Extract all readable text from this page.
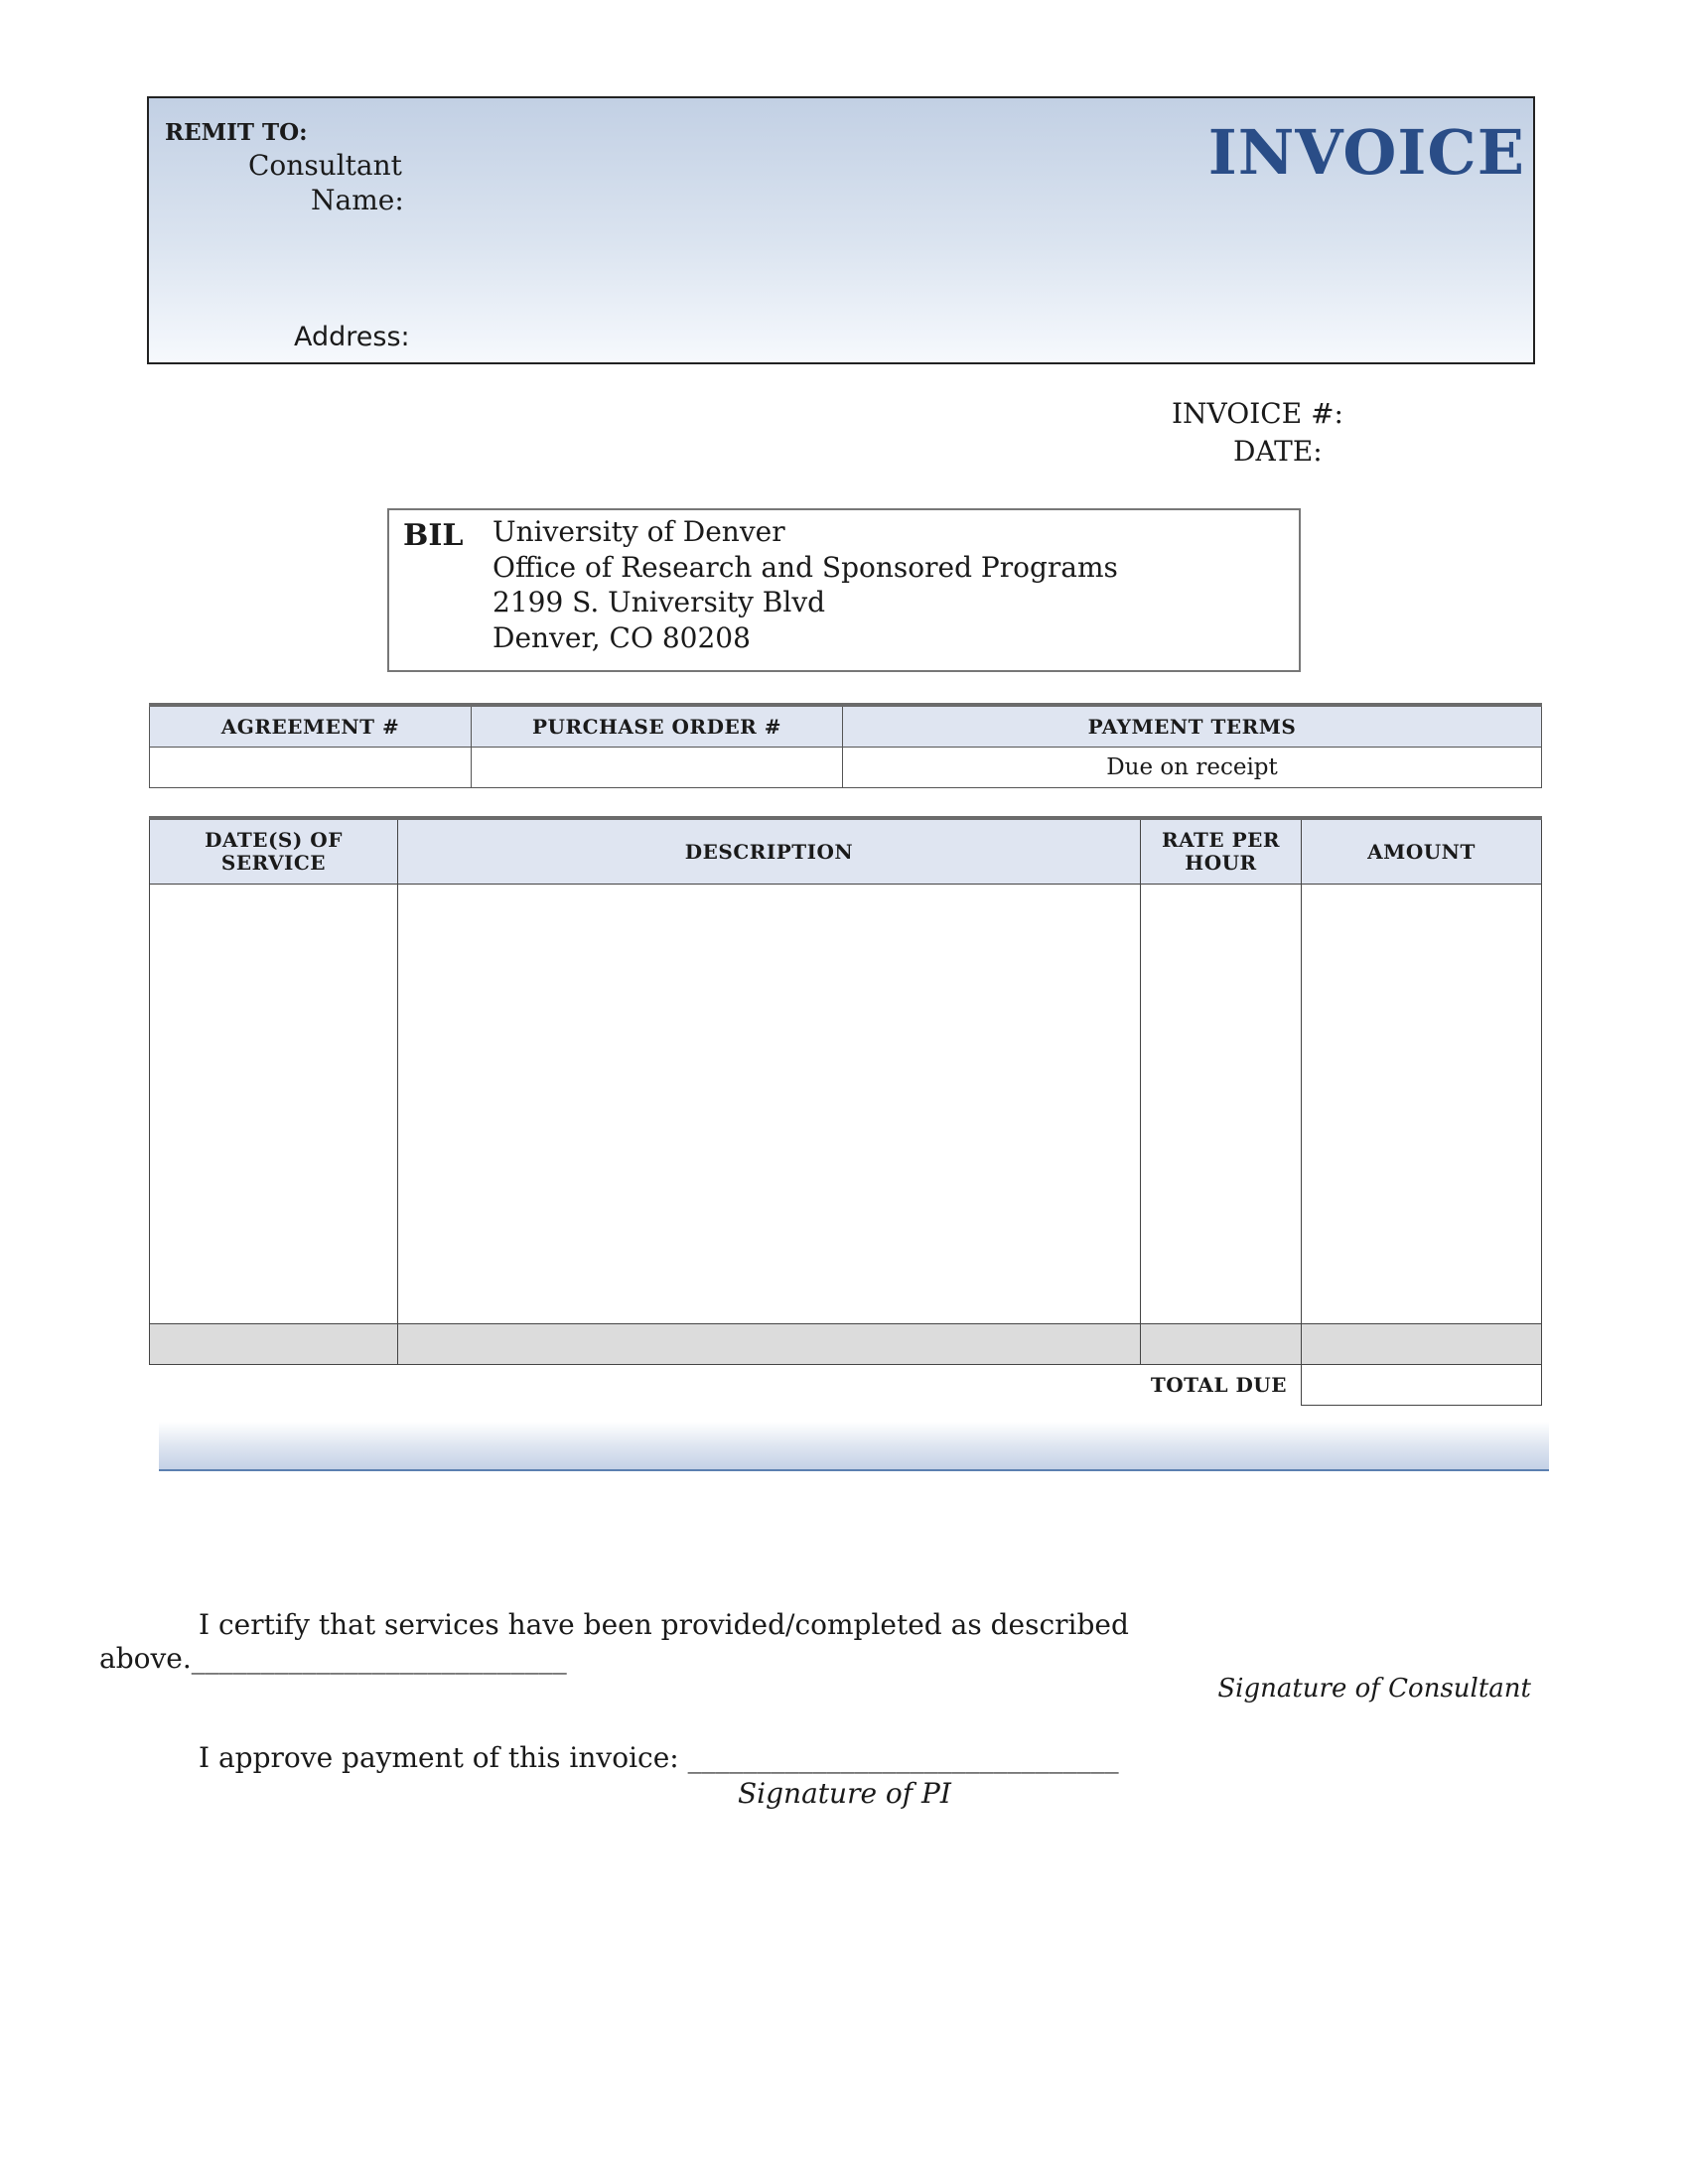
REMIT TO:
Consultant
Name:
Address:
INVOICE
INVOICE #:
DATE:
BIL University of Denver
Office of Research and Sponsored Programs
2199 S. University Blvd
Denver, CO 80208
AGREEMENT #	PURCHASE ORDER #	PAYMENT TERMS
		Due on receipt
DATE(S) OF SERVICE	DESCRIPTION	RATE PER HOUR	AMOUNT

TOTAL DUE			
I certify that services have been provided/completed as described
above.___________________________
Signature of Consultant
I approve payment of this invoice: _______________________________
Signature of PI
